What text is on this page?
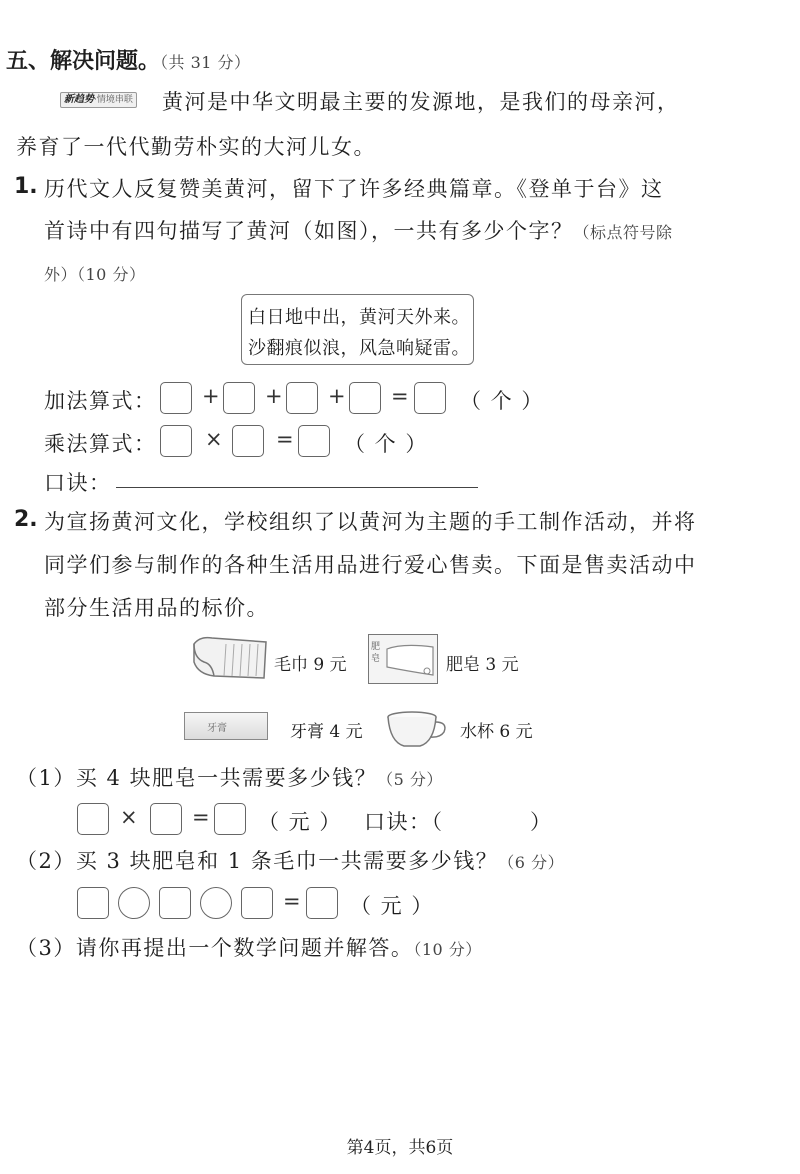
五、解决问题。（共 31 分）
新趋势·情境串联 黄河是中华文明最主要的发源地，是我们的母亲河，
养育了一代代勤劳朴实的大河儿女。
1. 历代文人反复赞美黄河，留下了许多经典篇章。《登单于台》这
首诗中有四句描写了黄河（如图），一共有多少个字？（标点符号除
外）（10 分）
白日地中出，黄河天外来。
沙翻痕似浪，风急响疑雷。
加法算式： + + + = （ 个 ）
乘法算式： ×	= （ 个 ）
口诀：
2. 为宣扬黄河文化，学校组织了以黄河为主题的手工制作活动，并将
同学们参与制作的各种生活用品进行爱心售卖。下面是售卖活动中
部分生活用品的标价。
毛巾 9 元
肥皂	肥皂 3 元
牙膏	牙膏 4 元	水杯 6 元
（1）买 4 块肥皂一共需要多少钱？（5 分）
×	= （ 元 ） 口诀：（	）
（2）买 3 块肥皂和 1 条毛巾一共需要多少钱？（6 分）
= （ 元 ）
（3）请你再提出一个数学问题并解答。（10 分）
第4页，共6页
